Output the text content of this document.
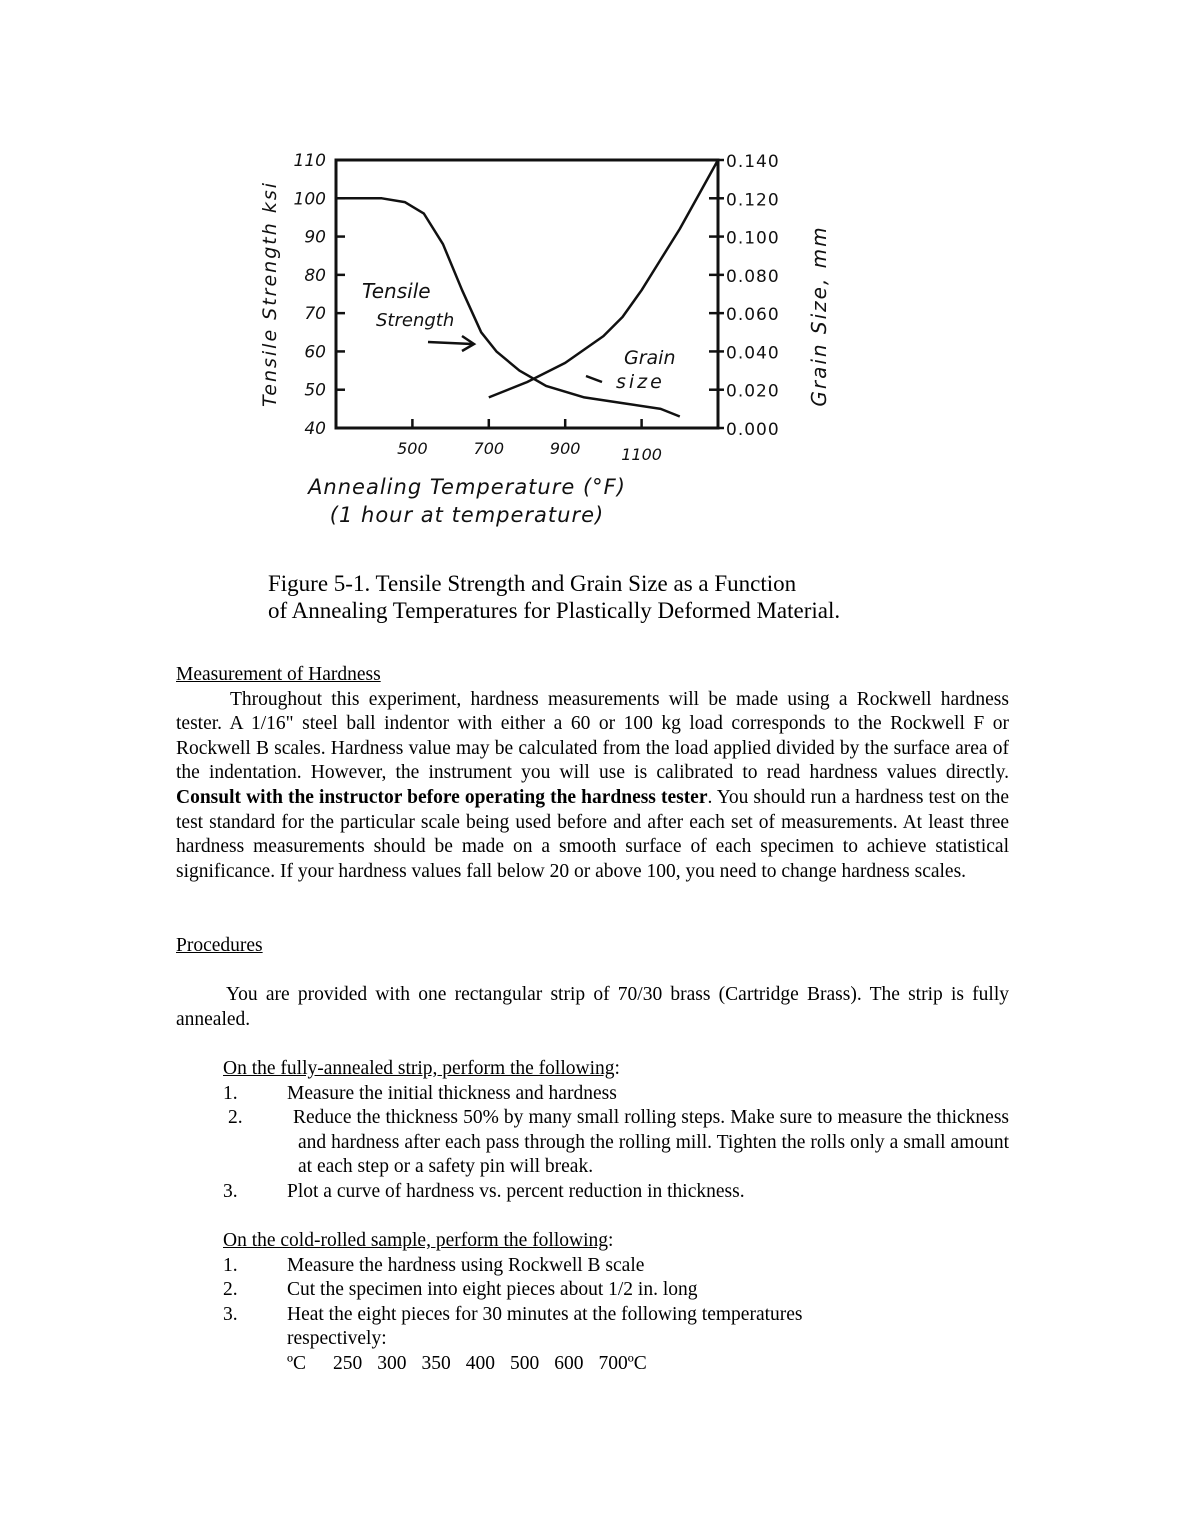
110
100
90
80
70
60
50
40
0.140
0.120
0.100
0.080
0.060
0.040
0.020
0.000
500	700	900	1100
Tensile
Strength
Grain
size
Tensile Strength ksi	Grain Size, mm
Annealing Temperature (°F)
(1 hour at temperature)
Figure 5-1. Tensile Strength and Grain Size as a Function
of Annealing Temperatures for Plastically Deformed Material.
Measurement of Hardness
Throughout this experiment, hardness measurements will be made using a Rockwell hardness tester. A 1/16" steel ball indentor with either a 60 or 100 kg load corresponds to the Rockwell F or Rockwell B scales. Hardness value may be calculated from the load applied divided by the surface area of the indentation. However, the instrument you will use is calibrated to read hardness values directly. Consult with the instructor before operating the hardness tester. You should run a hardness test on the test standard for the particular scale being used before and after each set of measurements. At least three hardness measurements should be made on a smooth surface of each specimen to achieve statistical significance. If your hardness values fall below 20 or above 100, you need to change hardness scales.
Procedures
You are provided with one rectangular strip of 70/30 brass (Cartridge Brass). The strip is fully annealed.
On the fully-annealed strip, perform the following:
1.	Measure the initial thickness and hardness
2.	Reduce the thickness 50% by many small rolling steps. Make sure to measure the thickness and hardness after each pass through the rolling mill. Tighten the rolls only a small amount at each step or a safety pin will break.
3.	Plot a curve of hardness vs. percent reduction in thickness.
On the cold-rolled sample, perform the following:
1.	Measure the hardness using Rockwell B scale
2.	Cut the specimen into eight pieces about 1/2 in. long
3.	Heat the eight pieces for 30 minutes at the following temperatures respectively:
ºC 250 300 350 400 500 600 700ºC
